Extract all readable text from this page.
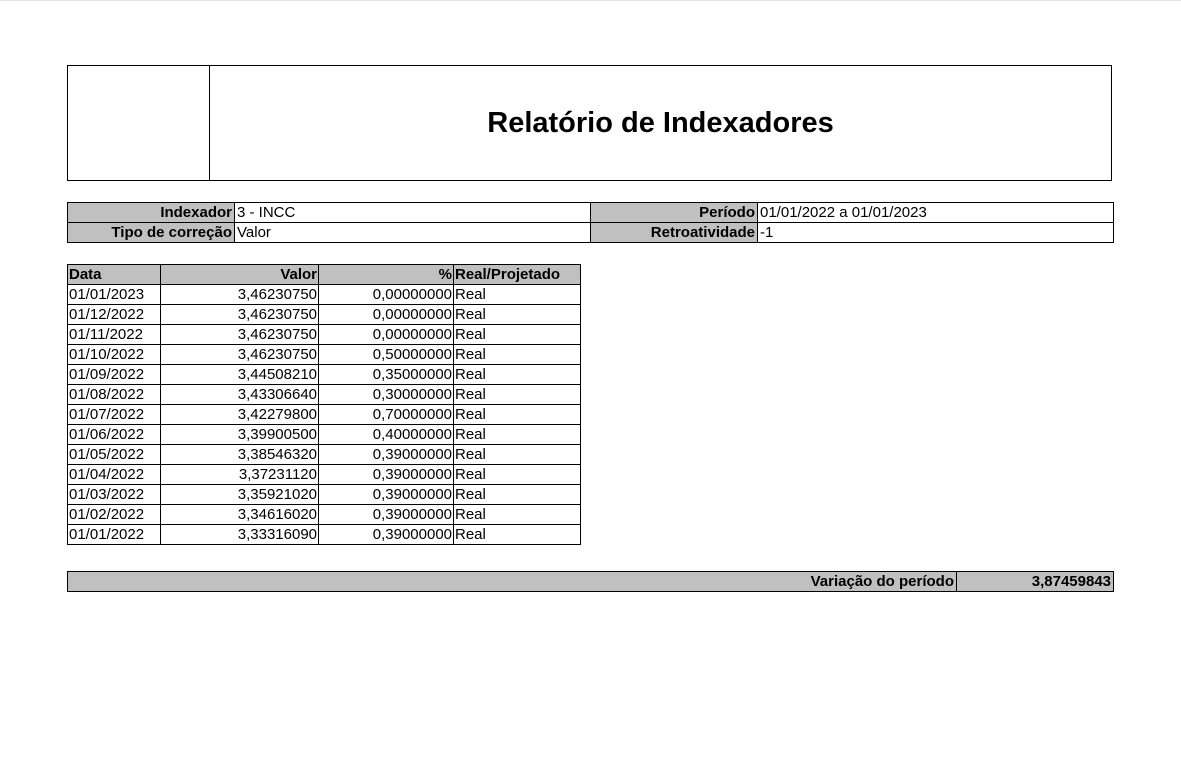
Relatório de Indexadores
Indexador	3 - INCC	Período	01/01/2022 a 01/01/2023
Tipo de correção	Valor	Retroatividade	-1
Data	Valor	%	Real/Projetado
01/01/2023	3,46230750	0,00000000	Real
01/12/2022	3,46230750	0,00000000	Real
01/11/2022	3,46230750	0,00000000	Real
01/10/2022	3,46230750	0,50000000	Real
01/09/2022	3,44508210	0,35000000	Real
01/08/2022	3,43306640	0,30000000	Real
01/07/2022	3,42279800	0,70000000	Real
01/06/2022	3,39900500	0,40000000	Real
01/05/2022	3,38546320	0,39000000	Real
01/04/2022	3,37231120	0,39000000	Real
01/03/2022	3,35921020	0,39000000	Real
01/02/2022	3,34616020	0,39000000	Real
01/01/2022	3,33316090	0,39000000	Real
Variação do período	3,87459843
